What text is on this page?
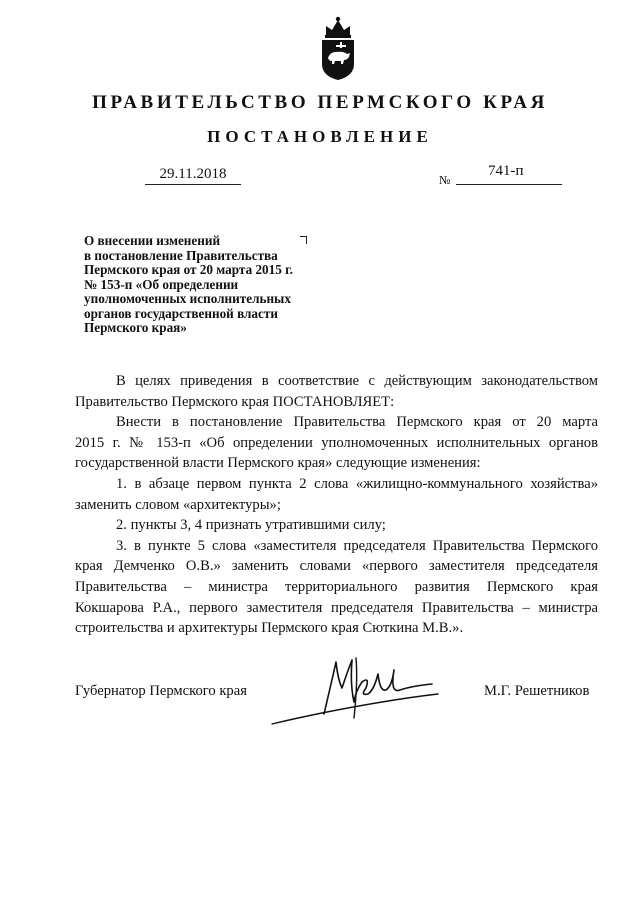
ПРАВИТЕЛЬСТВО ПЕРМСКОГО КРАЯ
ПОСТАНОВЛЕНИЕ
29.11.2018	№
741-п
О внесении изменений
в постановление Правительства
Пермского края от 20 марта 2015 г.
№ 153-п «Об определении
уполномоченных исполнительных
органов государственной власти
Пермского края»
В целях приведения в соответствие с действующим законодательством
Правительство Пермского края ПОСТАНОВЛЯЕТ:
Внести в постановление Правительства Пермского края от 20 марта
2015 г. № 153-п «Об определении уполномоченных исполнительных органов
государственной власти Пермского края» следующие изменения:
1. в абзаце первом пункта 2 слова «жилищно-коммунального хозяйства»
заменить словом «архитектуры»;
2. пункты 3, 4 признать утратившими силу;
3. в пункте 5 слова «заместителя председателя Правительства Пермского
края Демченко О.В.» заменить словами «первого заместителя председателя
Правительства – министра территориального развития Пермского края
Кокшарова Р.А., первого заместителя председателя Правительства – министра
строительства и архитектуры Пермского края Сюткина М.В.».
Губернатор Пермского края	М.Г. Решетников
